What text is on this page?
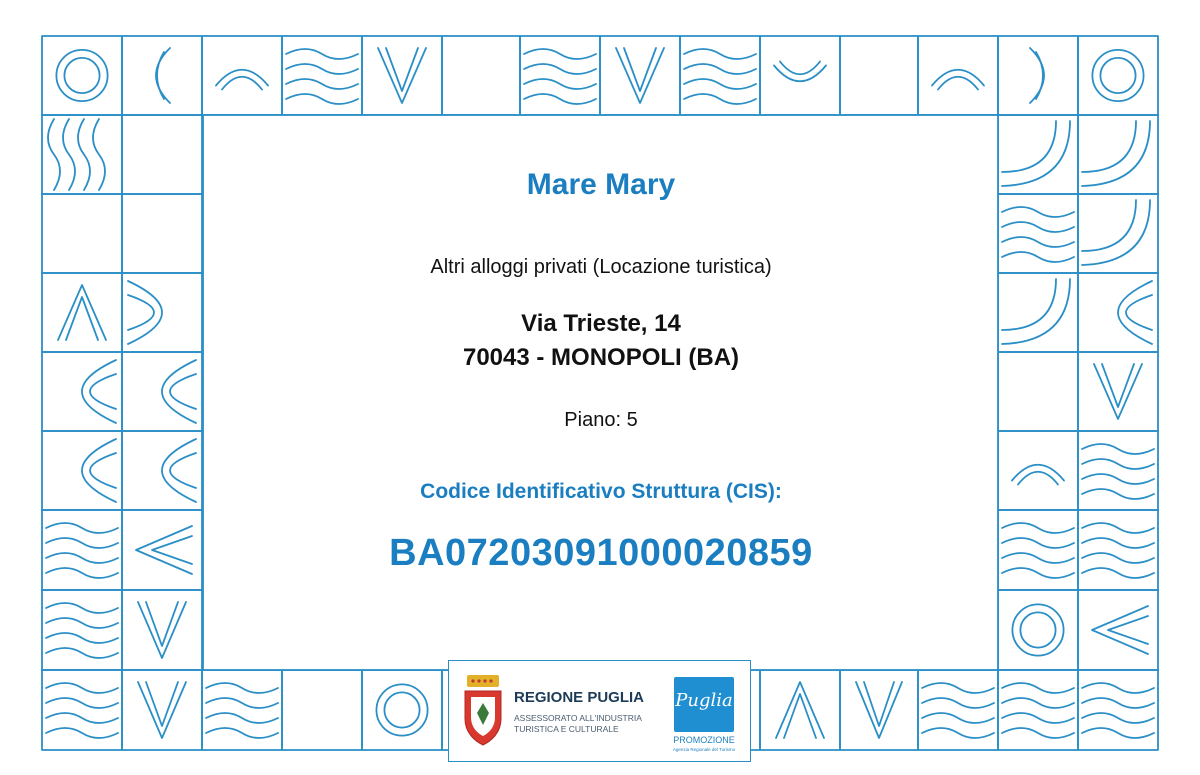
Mare Mary
Altri alloggi privati (Locazione turistica)
Via Trieste, 14
70043 - MONOPOLI (BA)
Piano: 5
Codice Identificativo Struttura (CIS):
BA07203091000020859
REGIONE PUGLIA
ASSESSORATO ALL'INDUSTRIA
TURISTICA E CULTURALE
Puglia
PROMOZIONE
Agenzia Regionale del Turismo
